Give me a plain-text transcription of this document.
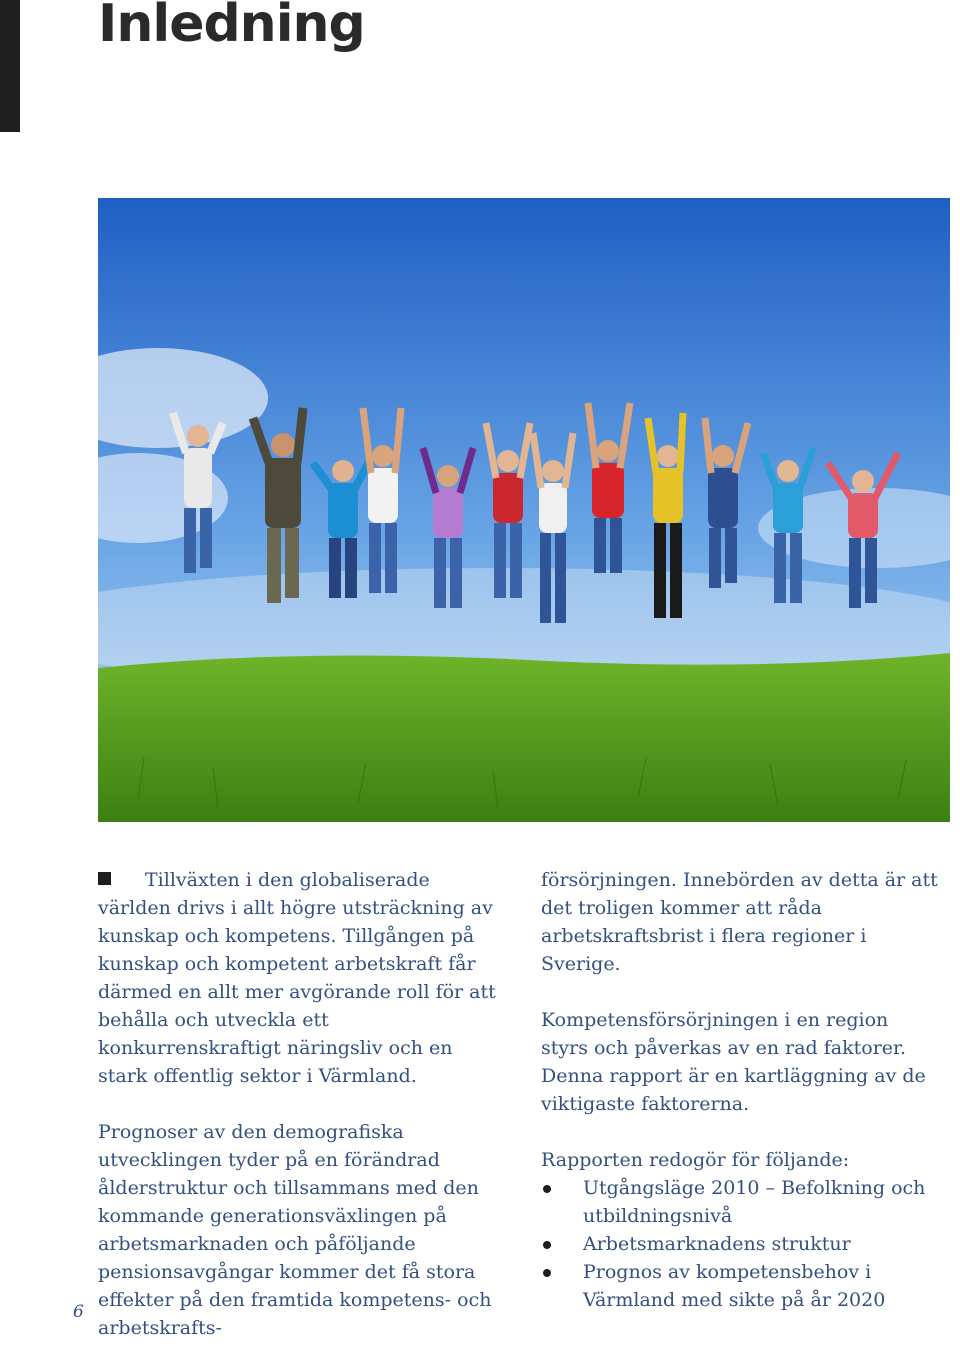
Inledning

Tillväxten i den globaliserade världen drivs i allt högre utsträckning av kunskap och kompetens. Tillgången på kunskap och kompetent arbetskraft får därmed en allt mer avgörande roll för att behålla och utveckla ett konkurrenskraftigt näringsliv och en stark offentlig sektor i Värmland.

Prognoser av den demografiska utvecklingen tyder på en förändrad ålderstruktur och tillsammans med den kommande generationsväxlingen på arbetsmarknaden och påföljande pensionsavgångar kommer det få stora effekter på den framtida kompetens- och arbetskrafts-

försörjningen. Innebörden av detta är att det troligen kommer att råda arbetskraftsbrist i flera regioner i Sverige.

Kompetensförsörjningen i en region styrs och påverkas av en rad faktorer. Denna rapport är en kartläggning av de viktigaste faktorerna.

Rapporten redogör för följande:
Utgångsläge 2010 – Befolkning och utbildningsnivå
Arbetsmarknadens struktur
Prognos av kompetensbehov i Värmland med sikte på år 2020
6
